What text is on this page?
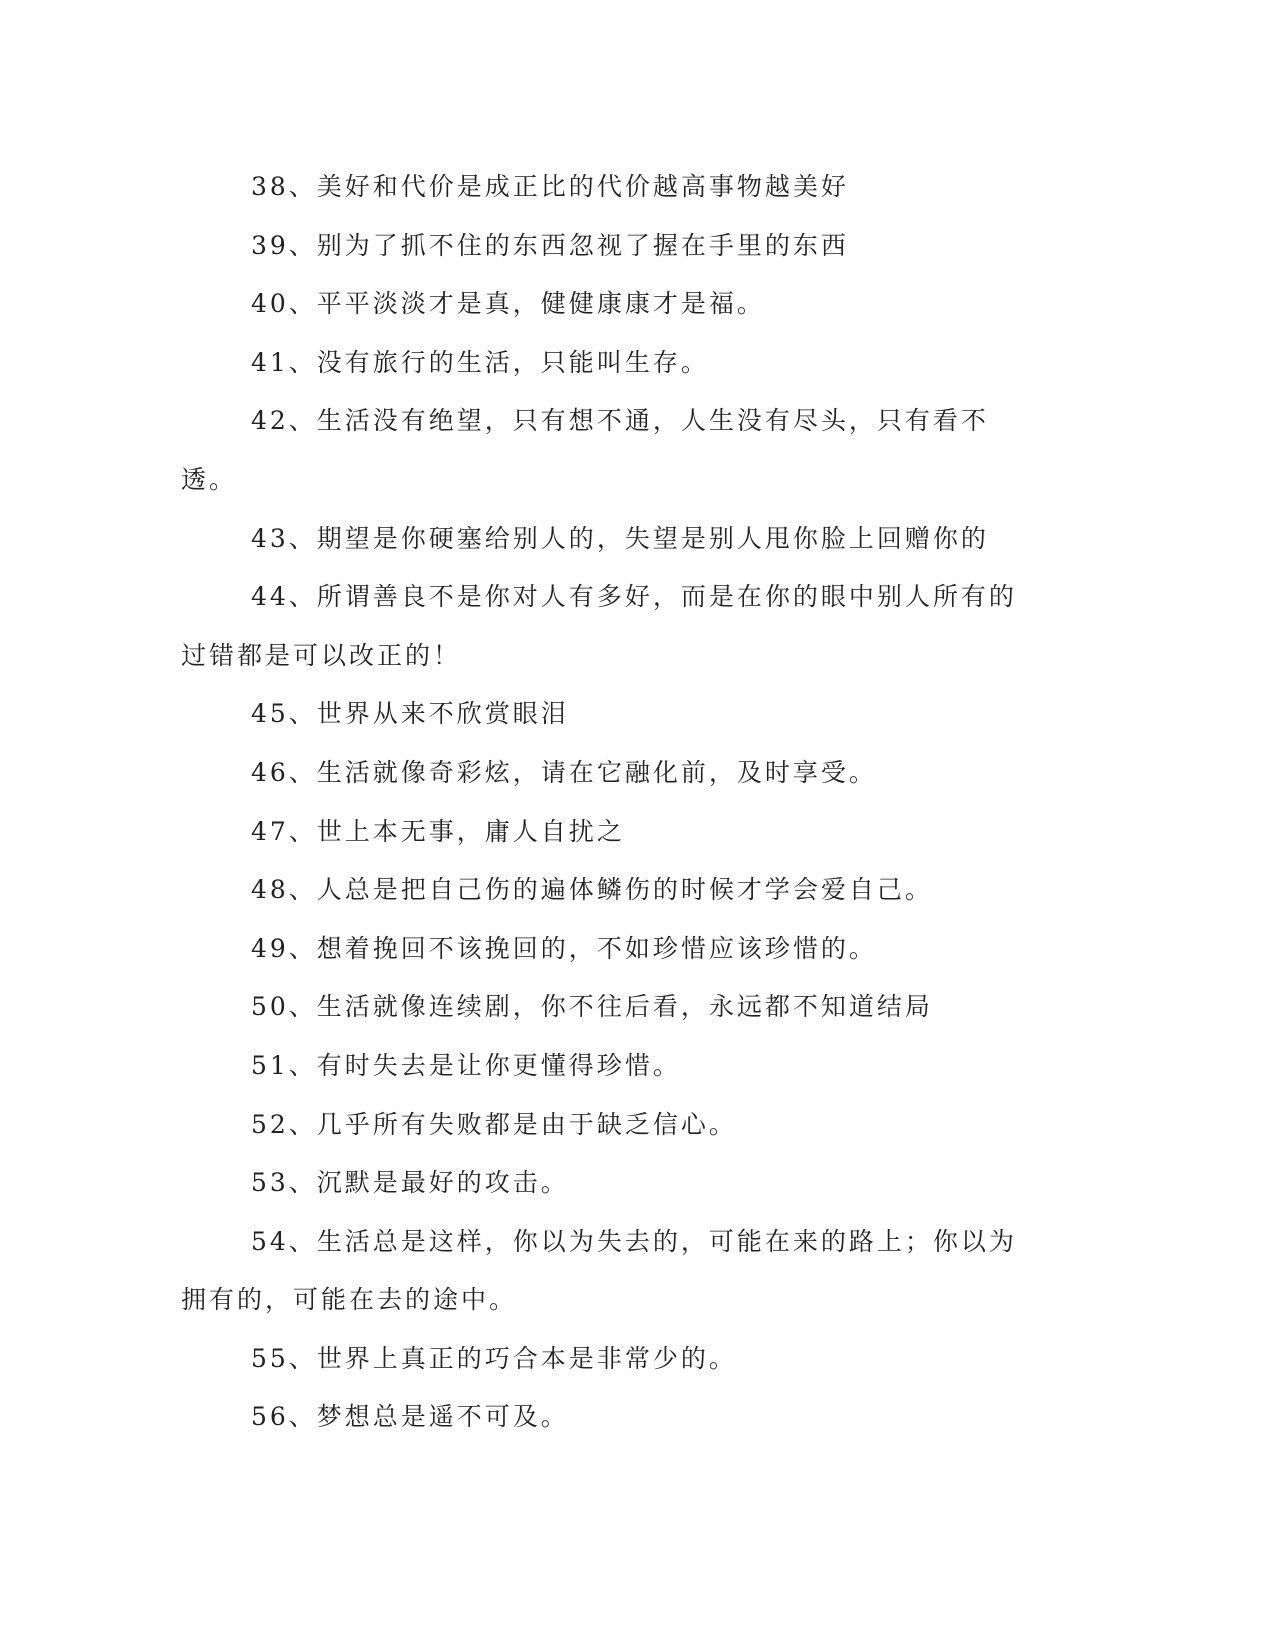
38、美好和代价是成正比的代价越高事物越美好

39、别为了抓不住的东西忽视了握在手里的东西

40、平平淡淡才是真，健健康康才是福。

41、没有旅行的生活，只能叫生存。

42、生活没有绝望，只有想不通，人生没有尽头，只有看不透。

43、期望是你硬塞给别人的，失望是别人甩你脸上回赠你的

44、所谓善良不是你对人有多好，而是在你的眼中别人所有的过错都是可以改正的！

45、世界从来不欣赏眼泪

46、生活就像奇彩炫，请在它融化前，及时享受。

47、世上本无事，庸人自扰之

48、人总是把自己伤的遍体鳞伤的时候才学会爱自己。

49、想着挽回不该挽回的，不如珍惜应该珍惜的。

50、生活就像连续剧，你不往后看，永远都不知道结局

51、有时失去是让你更懂得珍惜。

52、几乎所有失败都是由于缺乏信心。

53、沉默是最好的攻击。

54、生活总是这样，你以为失去的，可能在来的路上；你以为拥有的，可能在去的途中。

55、世界上真正的巧合本是非常少的。

56、梦想总是遥不可及。
